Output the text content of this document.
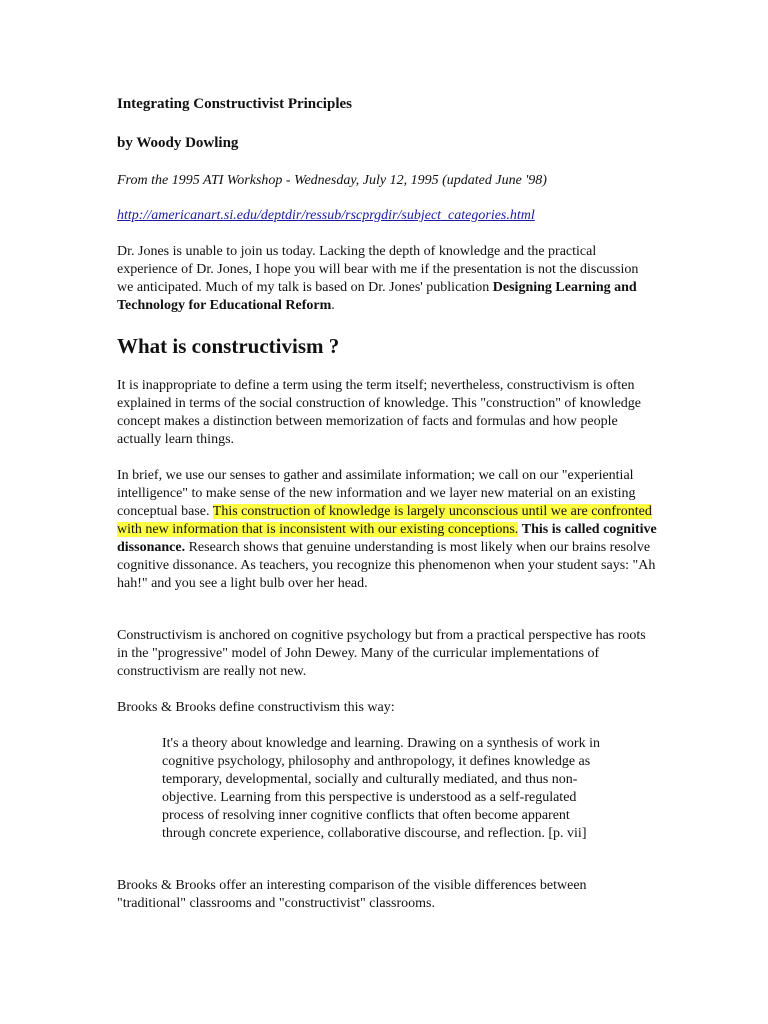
Integrating Constructivist Principles
by Woody Dowling
From the 1995 ATI Workshop - Wednesday, July 12, 1995 (updated June '98)
http://americanart.si.edu/deptdir/ressub/rscprgdir/subject_categories.html
Dr. Jones is unable to join us today. Lacking the depth of knowledge and the practical experience of Dr. Jones, I hope you will bear with me if the presentation is not the discussion we anticipated. Much of my talk is based on Dr. Jones' publication Designing Learning and Technology for Educational Reform.
What is constructivism ?
It is inappropriate to define a term using the term itself; nevertheless, constructivism is often explained in terms of the social construction of knowledge. This "construction" of knowledge concept makes a distinction between memorization of facts and formulas and how people actually learn things.
In brief, we use our senses to gather and assimilate information; we call on our "experiential intelligence" to make sense of the new information and we layer new material on an existing conceptual base. This construction of knowledge is largely unconscious until we are confronted with new information that is inconsistent with our existing conceptions. This is called cognitive dissonance. Research shows that genuine understanding is most likely when our brains resolve cognitive dissonance. As teachers, you recognize this phenomenon when your student says: "Ah hah!" and you see a light bulb over her head.
Constructivism is anchored on cognitive psychology but from a practical perspective has roots in the "progressive" model of John Dewey. Many of the curricular implementations of constructivism are really not new.
Brooks & Brooks define constructivism this way:
It's a theory about knowledge and learning. Drawing on a synthesis of work in cognitive psychology, philosophy and anthropology, it defines knowledge as temporary, developmental, socially and culturally mediated, and thus non-objective. Learning from this perspective is understood as a self-regulated process of resolving inner cognitive conflicts that often become apparent through concrete experience, collaborative discourse, and reflection. [p. vii]
Brooks & Brooks offer an interesting comparison of the visible differences between "traditional" classrooms and "constructivist" classrooms.
